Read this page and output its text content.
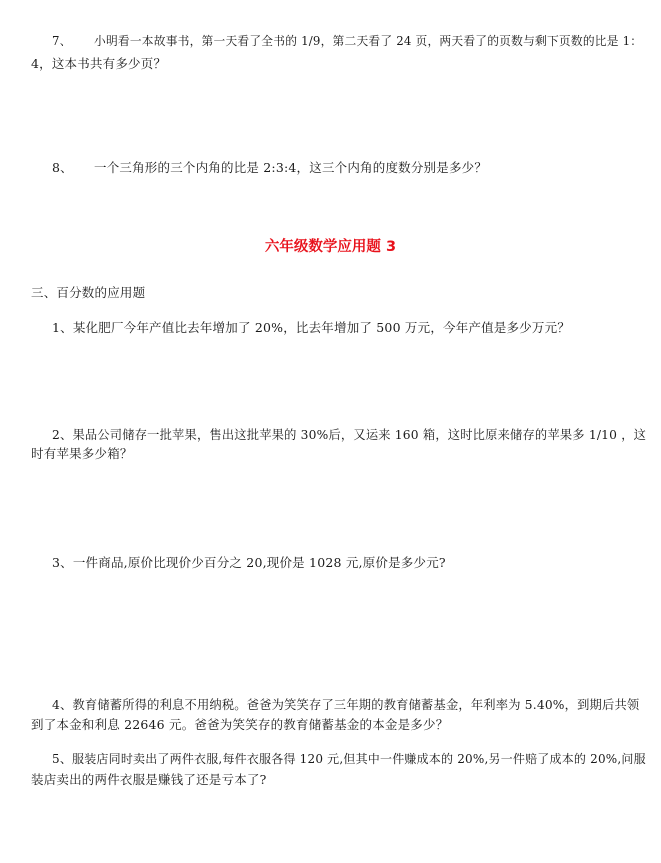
7、 小明看一本故事书，第一天看了全书的 1/9，第二天看了 24 页，两天看了的页数与剩下页数的比是 1：
4，这本书共有多少页？
8、 一个三角形的三个内角的比是 2:3:4，这三个内角的度数分别是多少？
六年级数学应用题 3
三、百分数的应用题
1、某化肥厂今年产值比去年增加了 20%，比去年增加了 500 万元，今年产值是多少万元？
2、果品公司储存一批苹果，售出这批苹果的 30%后，又运来 160 箱，这时比原来储存的苹果多 1/10 ，这
时有苹果多少箱？
3、一件商品,原价比现价少百分之 20,现价是 1028 元,原价是多少元?
4、教育储蓄所得的利息不用纳税。爸爸为笑笑存了三年期的教育储蓄基金，年利率为 5.40%，到期后共领
到了本金和利息 22646 元。爸爸为笑笑存的教育储蓄基金的本金是多少？
5、服装店同时卖出了两件衣服,每件衣服各得 120 元,但其中一件赚成本的 20%,另一件赔了成本的 20%,问服
装店卖出的两件衣服是赚钱了还是亏本了?
